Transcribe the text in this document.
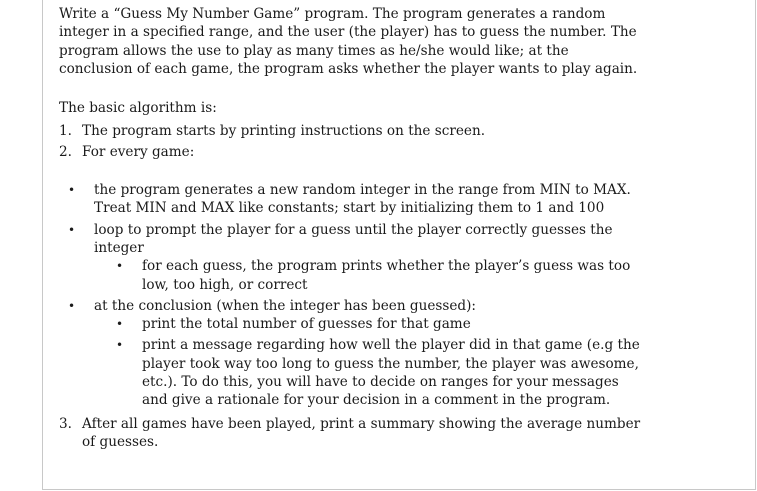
Write a “Guess My Number Game” program. The program generates a random integer in a specified range, and the user (the player) has to guess the number. The program allows the use to play as many times as he/she would like; at the conclusion of each game, the program asks whether the player wants to play again.

The basic algorithm is:

1. The program starts by printing instructions on the screen.
2. For every game:
•	the program generates a new random integer in the range from MIN to MAX. Treat MIN and MAX like constants; start by initializing them to 1 and 100
•	loop to prompt the player for a guess until the player correctly guesses the integer
•	for each guess, the program prints whether the player’s guess was too low, too high, or correct
•	at the conclusion (when the integer has been guessed):
•	print the total number of guesses for that game
•	print a message regarding how well the player did in that game (e.g the player took way too long to guess the number, the player was awesome, etc.). To do this, you will have to decide on ranges for your messages and give a rationale for your decision in a comment in the program.
3. After all games have been played, print a summary showing the average number of guesses.
